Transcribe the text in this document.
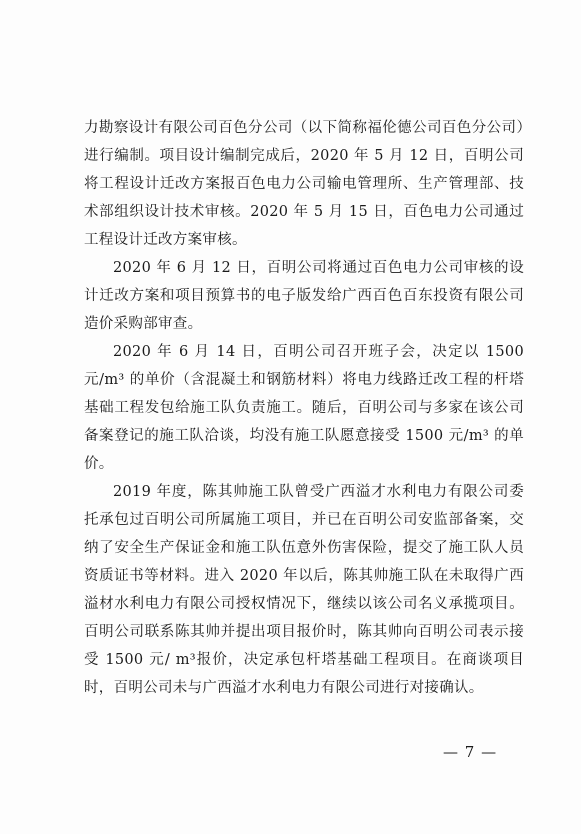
力勘察设计有限公司百色分公司（以下简称福伦德公司百色分公司）进行编制。项目设计编制完成后，2020 年 5 月 12 日，百明公司将工程设计迁改方案报百色电力公司输电管理所、生产管理部、技术部组织设计技术审核。2020 年 5 月 15 日，百色电力公司通过工程设计迁改方案审核。

2020 年 6 月 12 日，百明公司将通过百色电力公司审核的设计迁改方案和项目预算书的电子版发给广西百色百东投资有限公司造价采购部审查。

2020 年 6 月 14 日，百明公司召开班子会，决定以 1500 元/m³ 的单价（含混凝土和钢筋材料）将电力线路迁改工程的杆塔基础工程发包给施工队负责施工。随后，百明公司与多家在该公司备案登记的施工队洽谈，均没有施工队愿意接受 1500 元/m³ 的单价。

2019 年度，陈其帅施工队曾受广西溢才水利电力有限公司委托承包过百明公司所属施工项目，并已在百明公司安监部备案，交纳了安全生产保证金和施工队伍意外伤害保险，提交了施工队人员资质证书等材料。进入 2020 年以后，陈其帅施工队在未取得广西溢材水利电力有限公司授权情况下，继续以该公司名义承揽项目。百明公司联系陈其帅并提出项目报价时，陈其帅向百明公司表示接受 1500 元/ m³报价，决定承包杆塔基础工程项目。在商谈项目时，百明公司未与广西溢才水利电力有限公司进行对接确认。

— 7 —
